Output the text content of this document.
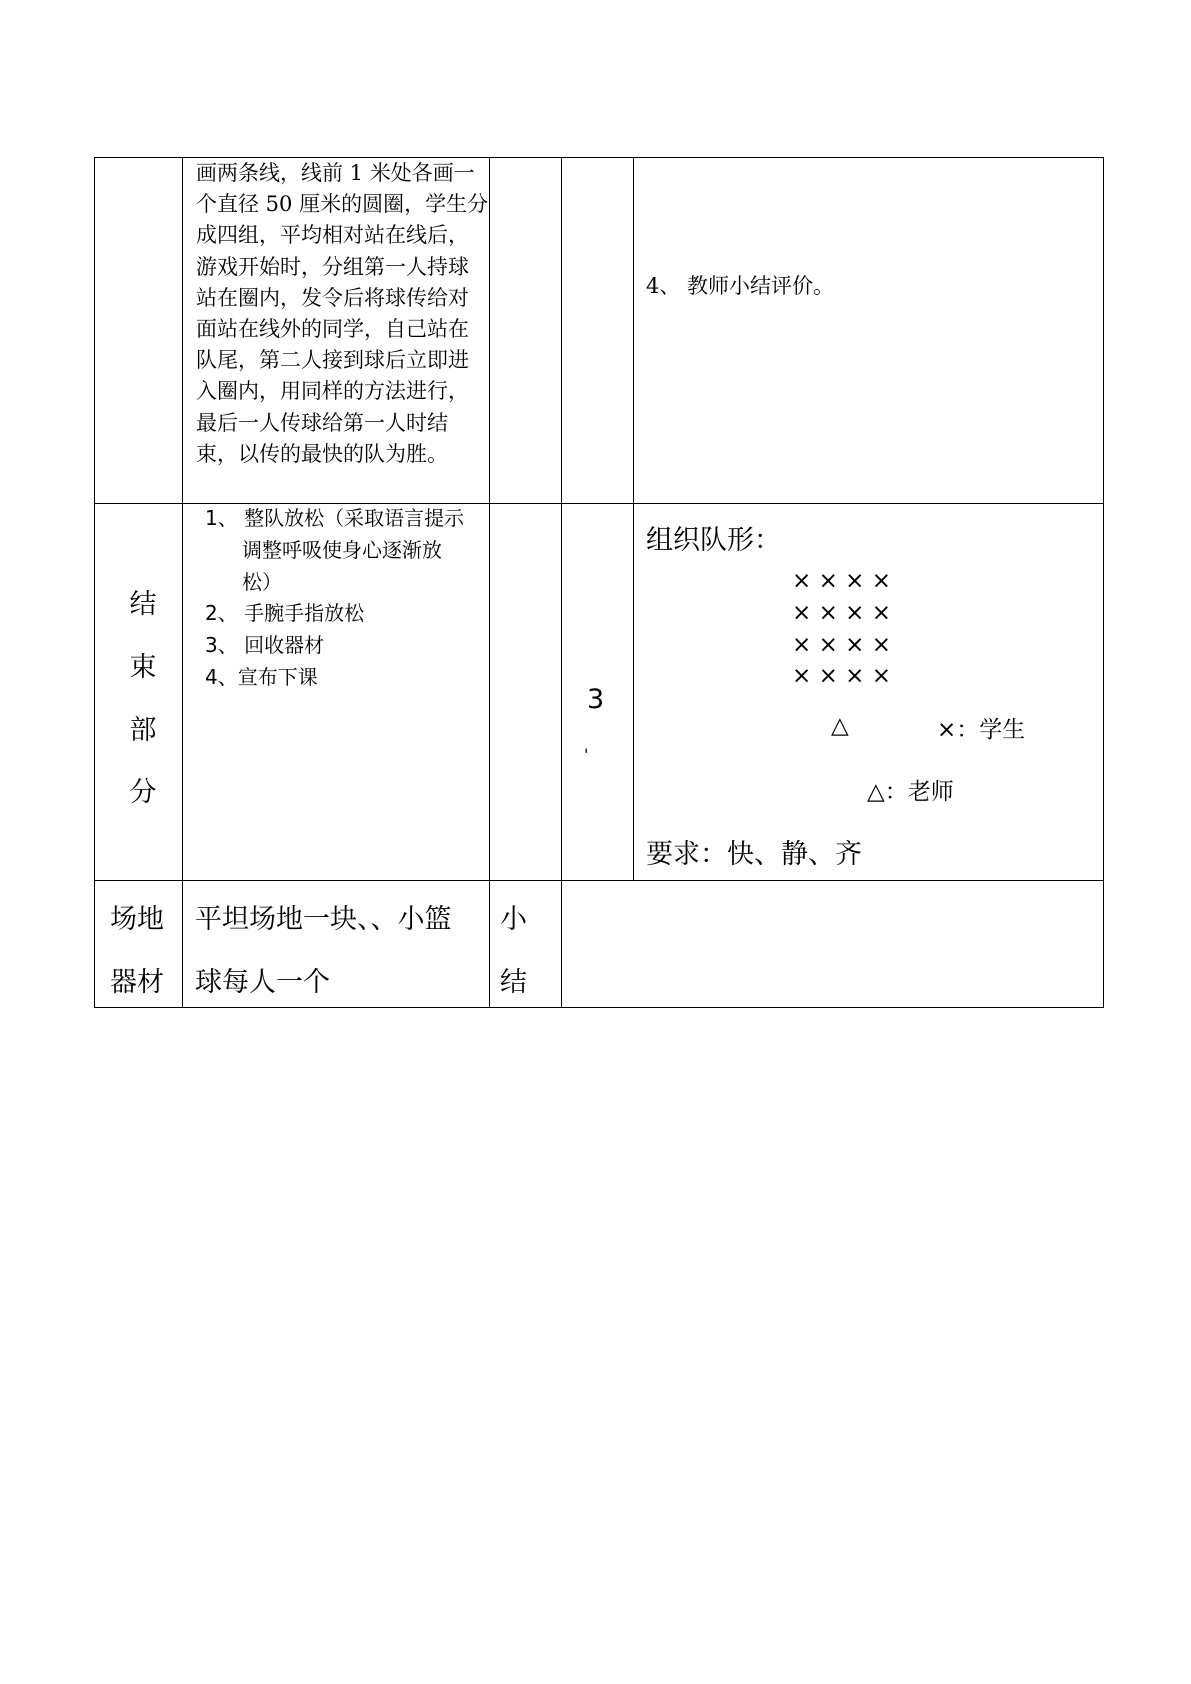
画两条线，线前 1 米处各画一
个直径 50 厘米的圆圈，学生分
成四组，平均相对站在线后，
游戏开始时，分组第一人持球
站在圈内，发令后将球传给对
面站在线外的同学，自己站在
队尾，第二人接到球后立即进
入圈内，用同样的方法进行，
最后一人传球给第一人时结
束，以传的最快的队为胜。
4、 教师小结评价。
结
束
部
分
1、 整队放松（采取语言提示
调整呼吸使身心逐渐放
松）
2、 手腕手指放松
3、 回收器材
4、宣布下课
3
'
组织队形：
× × × ×
× × × ×
× × × ×
× × × ×
△	×：学生
△：老师
要求：快、静、齐
场地
器材
平坦场地一块、、小篮
球每人一个
小
结
